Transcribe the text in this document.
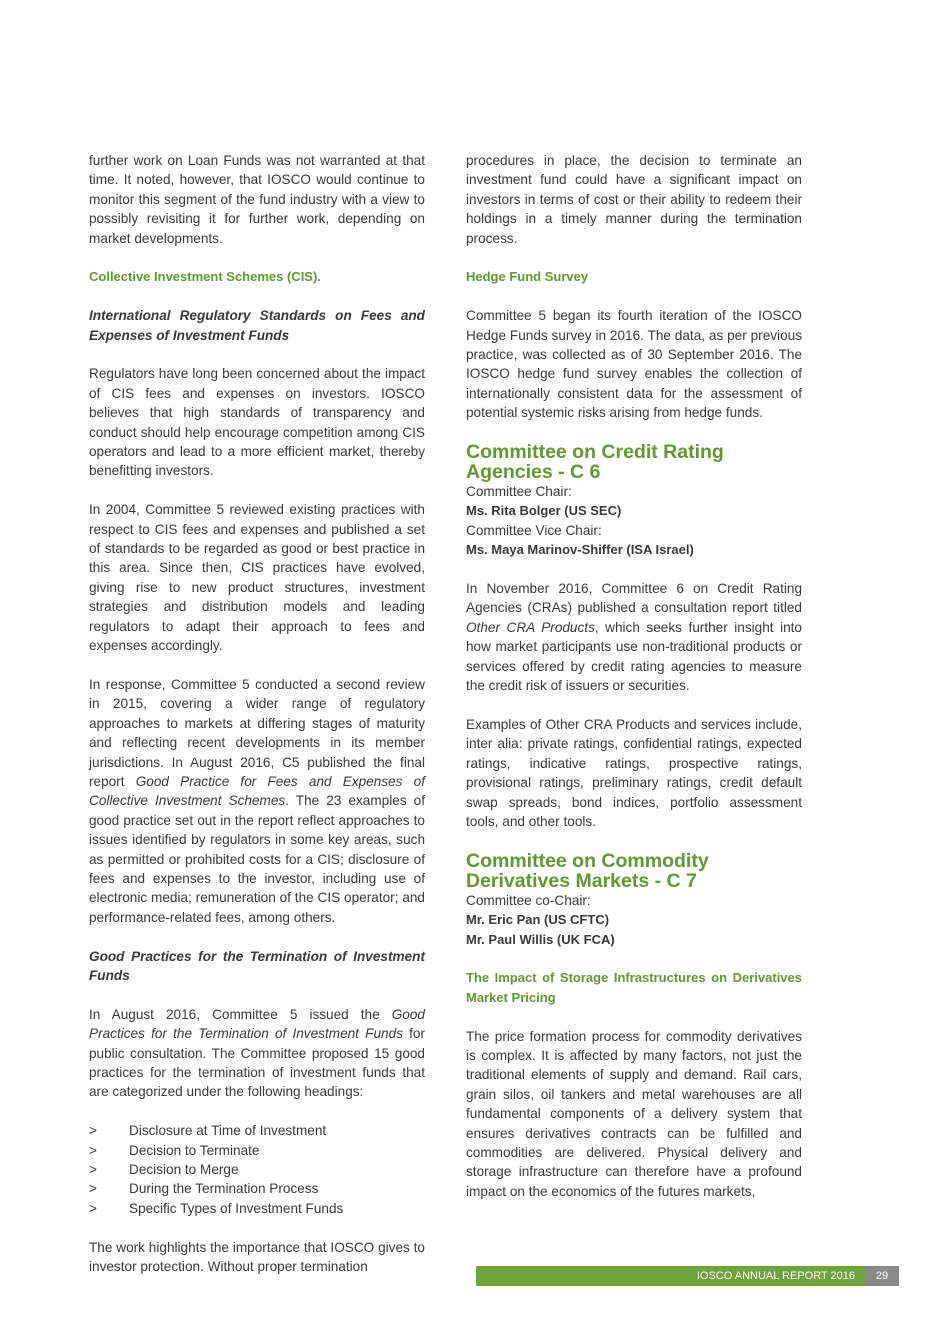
further work on Loan Funds was not warranted at that time. It noted, however, that IOSCO would continue to monitor this segment of the fund industry with a view to possibly revisiting it for further work, depending on market developments.

Collective Investment Schemes (CIS).

International Regulatory Standards on Fees and Expenses of Investment Funds

Regulators have long been concerned about the impact of CIS fees and expenses on investors. IOSCO believes that high standards of transparency and conduct should help encourage competition among CIS operators and lead to a more efficient market, thereby benefitting investors.

In 2004, Committee 5 reviewed existing practices with respect to CIS fees and expenses and published a set of standards to be regarded as good or best practice in this area. Since then, CIS practices have evolved, giving rise to new product structures, investment strategies and distribution models and leading regulators to adapt their approach to fees and expenses accordingly.

In response, Committee 5 conducted a second review in 2015, covering a wider range of regulatory approaches to markets at differing stages of maturity and reflecting recent developments in its member jurisdictions. In August 2016, C5 published the final report Good Practice for Fees and Expenses of Collective Investment Schemes. The 23 examples of good practice set out in the report reflect approaches to issues identified by regulators in some key areas, such as permitted or prohibited costs for a CIS; disclosure of fees and expenses to the investor, including use of electronic media; remuneration of the CIS operator; and performance-related fees, among others.

Good Practices for the Termination of Investment Funds

In August 2016, Committee 5 issued the Good Practices for the Termination of Investment Funds for public consultation. The Committee proposed 15 good practices for the termination of investment funds that are categorized under the following headings:

>	Disclosure at Time of Investment
>	Decision to Terminate
>	Decision to Merge
>	During the Termination Process
>	Specific Types of Investment Funds

The work highlights the importance that IOSCO gives to investor protection. Without proper termination

procedures in place, the decision to terminate an investment fund could have a significant impact on investors in terms of cost or their ability to redeem their holdings in a timely manner during the termination process.

Hedge Fund Survey

Committee 5 began its fourth iteration of the IOSCO Hedge Funds survey in 2016. The data, as per previous practice, was collected as of 30 September 2016. The IOSCO hedge fund survey enables the collection of internationally consistent data for the assessment of potential systemic risks arising from hedge funds.

Committee on Credit Rating Agencies - C 6
Committee Chair:
Ms. Rita Bolger (US SEC)
Committee Vice Chair:
Ms. Maya Marinov-Shiffer (ISA Israel)

In November 2016, Committee 6 on Credit Rating Agencies (CRAs) published a consultation report titled Other CRA Products, which seeks further insight into how market participants use non-traditional products or services offered by credit rating agencies to measure the credit risk of issuers or securities.

Examples of Other CRA Products and services include, inter alia: private ratings, confidential ratings, expected ratings, indicative ratings, prospective ratings, provisional ratings, preliminary ratings, credit default swap spreads, bond indices, portfolio assessment tools, and other tools.

Committee on Commodity Derivatives Markets - C 7
Committee co-Chair:
Mr. Eric Pan (US CFTC)
Mr. Paul Willis (UK FCA)

The Impact of Storage Infrastructures on Derivatives Market Pricing

The price formation process for commodity derivatives is complex. It is affected by many factors, not just the traditional elements of supply and demand. Rail cars, grain silos, oil tankers and metal warehouses are all fundamental components of a delivery system that ensures derivatives contracts can be fulfilled and commodities are delivered. Physical delivery and storage infrastructure can therefore have a profound impact on the economics of the futures markets,

IOSCO ANNUAL REPORT 2016	29
